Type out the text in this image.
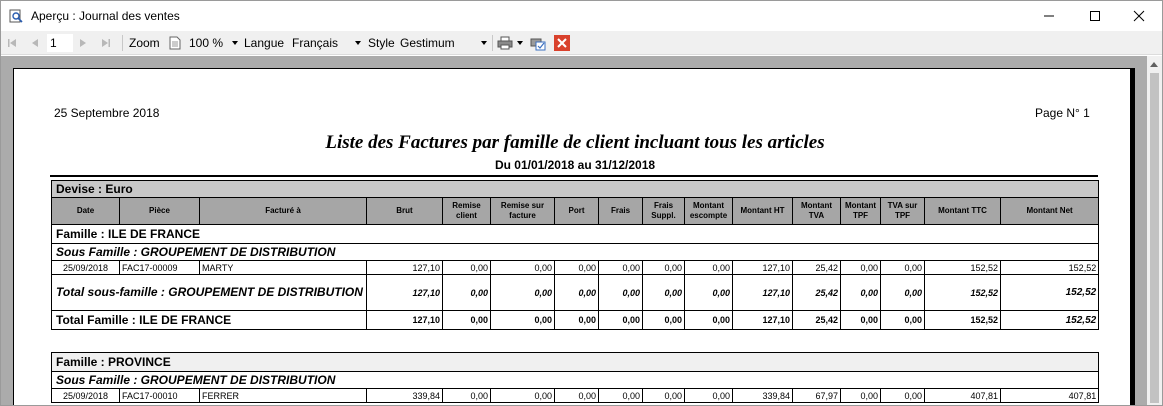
Aperçu : Journal des ventes
1	Zoom	100 % Langue Français Style Gestimum
25 Septembre 2018	Page N° 1
Liste des Factures par famille de client incluant tous les articles
Du 01/01/2018 au 31/12/2018
Devise : Euro															
Date	Pièce	Facturé à	Brut	Remise client	Remise sur facture	Port	Frais	Frais Suppl.	Montant escompte	Montant HT	Montant TVA	Montant TPF	TVA sur TPF	Montant TTC	Montant Net
Famille : ILE DE FRANCE															
Sous Famille : GROUPEMENT DE DISTRIBUTION															
25/09/2018	FAC17-00009	MARTY	127,10	0,00	0,00	0,00	0,00	0,00	0,00	127,10	25,42	0,00	0,00	152,52	152,52
Total sous-famille : GROUPEMENT DE DISTRIBUTION			127,10	0,00	0,00	0,00	0,00	0,00	0,00	127,10	25,42	0,00	0,00	152,52	152,52
Total Famille : ILE DE FRANCE			127,10	0,00	0,00	0,00	0,00	0,00	0,00	127,10	25,42	0,00	0,00	152,52	152,52
Famille : PROVINCE
Sous Famille : GROUPEMENT DE DISTRIBUTION
25/09/2018	FAC17-00010	FERRER	339,84	0,00	0,00	0,00	0,00	0,00	0,00	339,84	67,97	0,00	0,00	407,81	407,81
